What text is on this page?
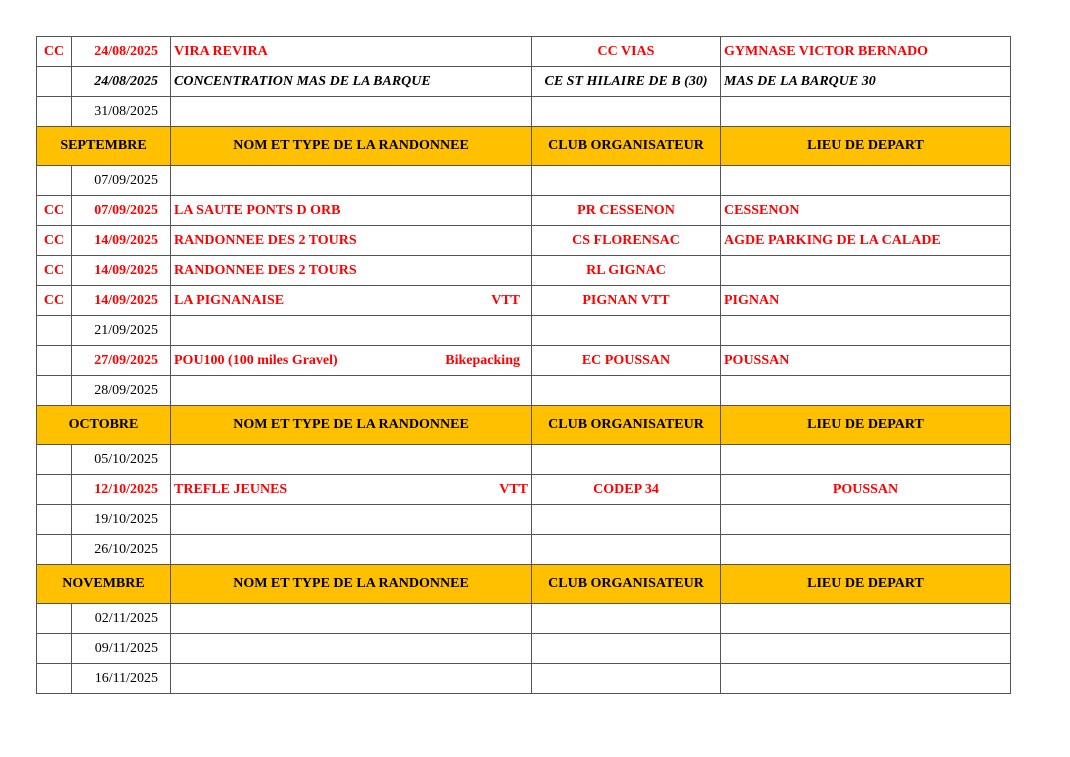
CC	24/08/2025	VIRA REVIRA	CC VIAS	GYMNASE VICTOR BERNADO
	24/08/2025	CONCENTRATION MAS DE LA BARQUE	CE ST HILAIRE DE B (30)	MAS DE LA BARQUE 30
	31/08/2025			
SEPTEMBRE		NOM ET TYPE DE LA RANDONNEE	CLUB ORGANISATEUR	LIEU DE DEPART
	07/09/2025			
CC	07/09/2025	LA SAUTE PONTS D ORB	PR CESSENON	CESSENON
CC	14/09/2025	RANDONNEE DES 2 TOURS	CS FLORENSAC	AGDE PARKING DE LA CALADE
CC	14/09/2025	RANDONNEE DES 2 TOURS	RL GIGNAC	
CC	14/09/2025	LA PIGNANAISE VTT	PIGNAN VTT	PIGNAN
	21/09/2025			
	27/09/2025	POU100 (100 miles Gravel) Bikepacking	EC POUSSAN	POUSSAN
	28/09/2025			
OCTOBRE		NOM ET TYPE DE LA RANDONNEE	CLUB ORGANISATEUR	LIEU DE DEPART
	05/10/2025			
	12/10/2025	TREFLE JEUNES VTT	CODEP 34	POUSSAN
	19/10/2025			
	26/10/2025			
NOVEMBRE		NOM ET TYPE DE LA RANDONNEE	CLUB ORGANISATEUR	LIEU DE DEPART
	02/11/2025			
	09/11/2025			
	16/11/2025			
